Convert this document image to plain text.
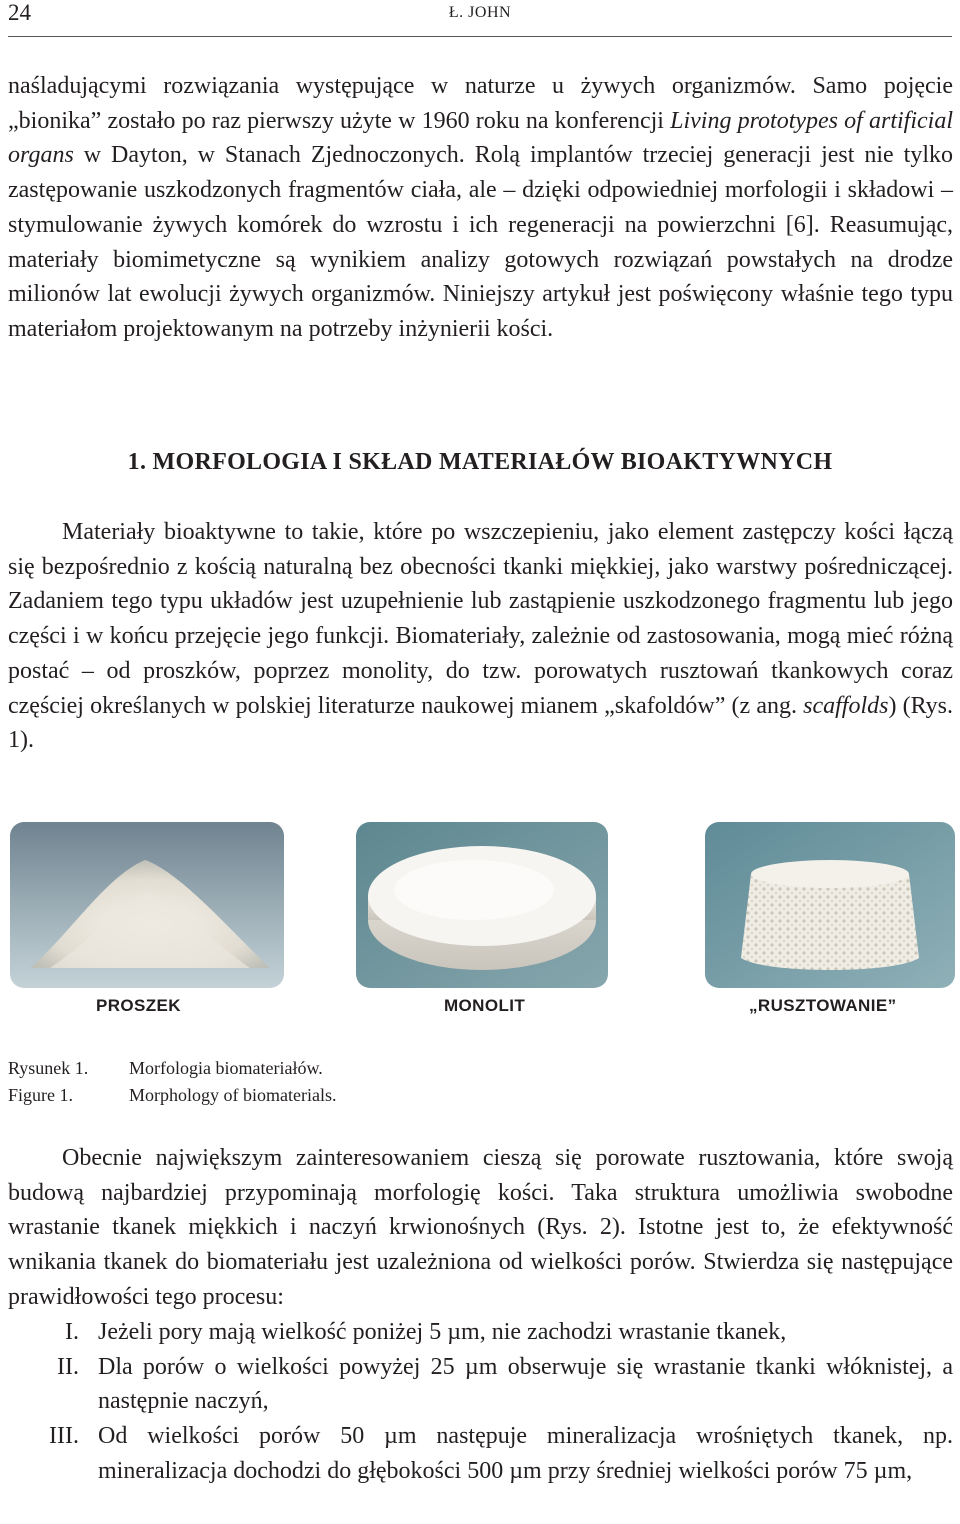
24	Ł. JOHN

naśladującymi rozwiązania występujące w naturze u żywych organizmów. Samo pojęcie „bionika” zostało po raz pierwszy użyte w 1960 roku na konferencji Living prototypes of artificial organs w Dayton, w Stanach Zjednoczonych. Rolą implantów trzeciej generacji jest nie tylko zastępowanie uszkodzonych fragmentów ciała, ale – dzięki odpowiedniej morfologii i składowi – stymulowanie żywych komórek do wzrostu i ich regeneracji na powierzchni [6]. Reasumując, materiały biomimetyczne są wynikiem analizy gotowych rozwiązań powstałych na drodze milionów lat ewolucji żywych organizmów. Niniejszy artykuł jest poświęcony właśnie tego typu materiałom projektowanym na potrzeby inżynierii kości.

1. MORFOLOGIA I SKŁAD MATERIAŁÓW BIOAKTYWNYCH

Materiały bioaktywne to takie, które po wszczepieniu, jako element zastępczy kości łączą się bezpośrednio z kością naturalną bez obecności tkanki miękkiej, jako warstwy pośredniczącej. Zadaniem tego typu układów jest uzupełnienie lub zastąpienie uszkodzonego fragmentu lub jego części i w końcu przejęcie jego funkcji. Biomateriały, zależnie od zastosowania, mogą mieć różną postać – od proszków, poprzez monolity, do tzw. porowatych rusztowań tkankowych coraz częściej określanych w polskiej literaturze naukowej mianem „skafoldów” (z ang. scaffolds) (Rys. 1).

PROSZEK	MONOLIT	„RUSZTOWANIE”
Rysunek 1. Morfologia biomateriałów.
Figure 1.	Morphology of biomaterials.

Obecnie największym zainteresowaniem cieszą się porowate rusztowania, które swoją budową najbardziej przypominają morfologię kości. Taka struktura umożliwia swobodne wrastanie tkanek miękkich i naczyń krwionośnych (Rys. 2). Istotne jest to, że efektywność wnikania tkanek do biomateriału jest uzależniona od wielkości porów. Stwierdza się następujące prawidłowości tego procesu:

I. Jeżeli pory mają wielkość poniżej 5 µm, nie zachodzi wrastanie tkanek,
II. Dla porów o wielkości powyżej 25 µm obserwuje się wrastanie tkanki włóknistej, a następnie naczyń,
III. Od wielkości porów 50 µm następuje mineralizacja wrośniętych tkanek, np. mineralizacja dochodzi do głębokości 500 µm przy średniej wielkości porów 75 µm,
